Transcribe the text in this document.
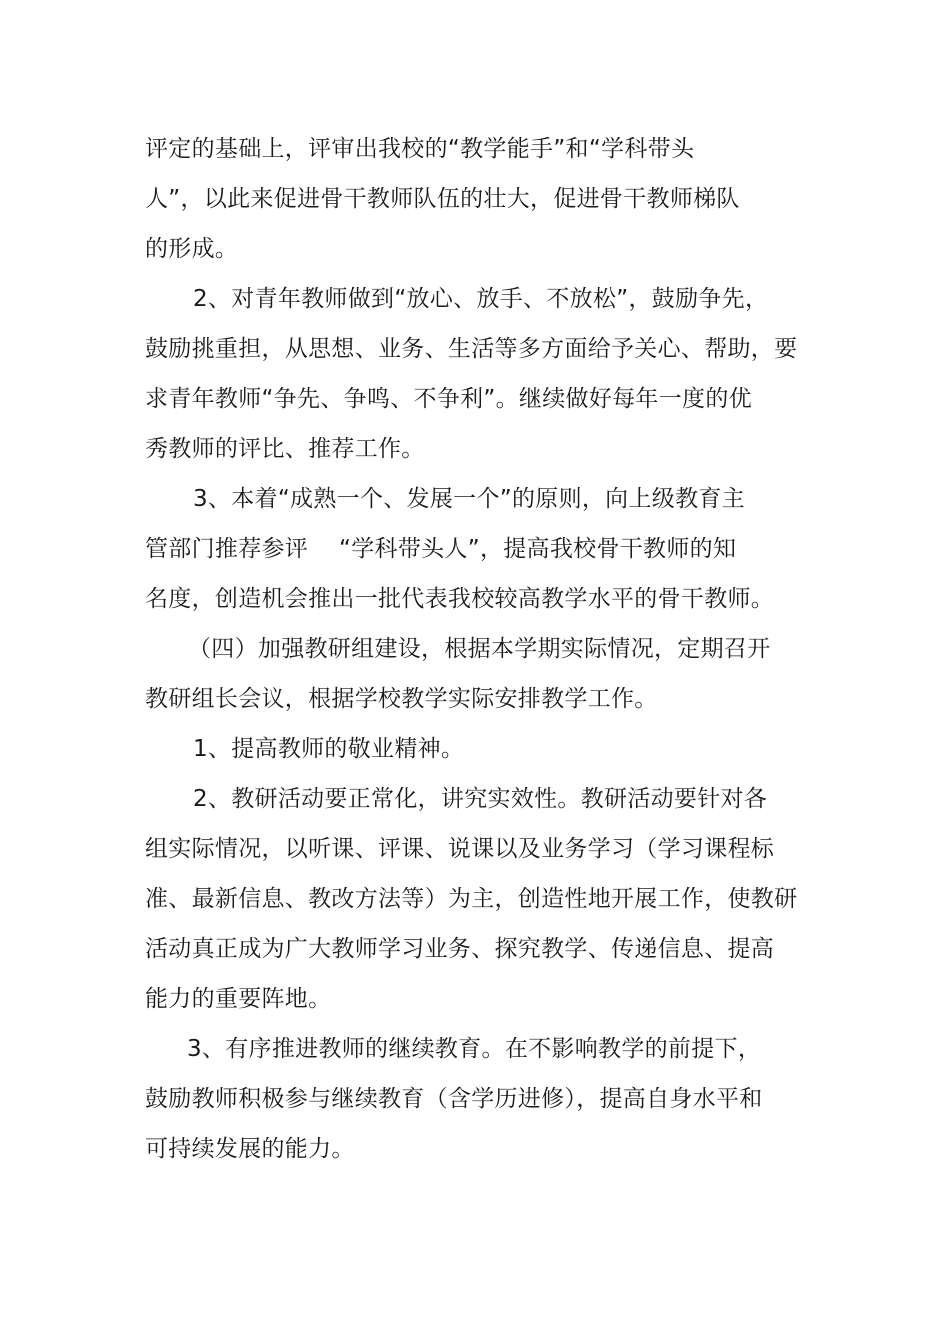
评定的基础上，评审出我校的“教学能手”和“学科带头
人”，以此来促进骨干教师队伍的壮大，促进骨干教师梯队
的形成。
2、对青年教师做到“放心、放手、不放松”，鼓励争先，
鼓励挑重担，从思想、业务、生活等多方面给予关心、帮助，要
求青年教师“争先、争鸣、不争利”。继续做好每年一度的优
秀教师的评比、推荐工作。
3、本着“成熟一个、发展一个”的原则，向上级教育主
管部门推荐参评　 “学科带头人”，提高我校骨干教师的知
名度，创造机会推出一批代表我校较高教学水平的骨干教师。
（四）加强教研组建设，根据本学期实际情况，定期召开
教研组长会议，根据学校教学实际安排教学工作。
1、提高教师的敬业精神。
2、教研活动要正常化，讲究实效性。教研活动要针对各
组实际情况，以听课、评课、说课以及业务学习（学习课程标
准、最新信息、教改方法等）为主，创造性地开展工作，使教研
活动真正成为广大教师学习业务、探究教学、传递信息、提高
能力的重要阵地。
3、有序推进教师的继续教育。在不影响教学的前提下，
鼓励教师积极参与继续教育（含学历进修），提高自身水平和
可持续发展的能力。
